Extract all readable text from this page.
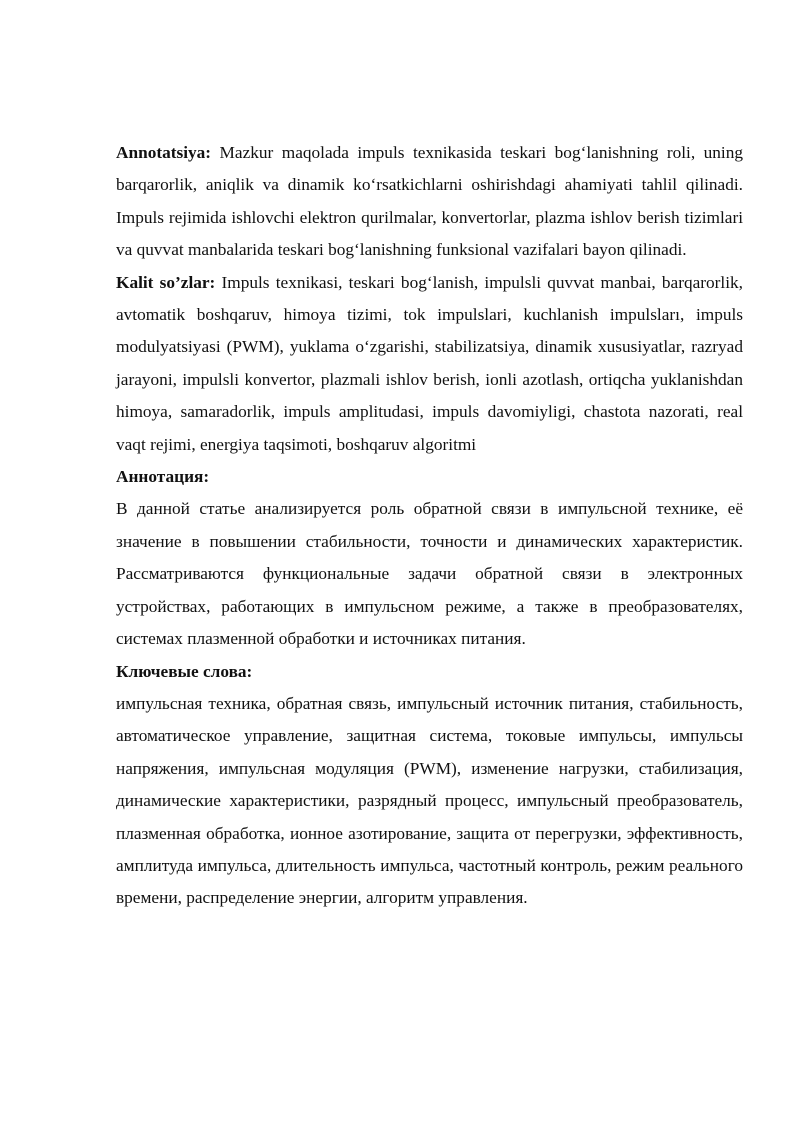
Annotatsiya: Mazkur maqolada impuls texnikasida teskari bog‘lanishning roli, uning barqarorlik, aniqlik va dinamik ko‘rsatkichlarni oshirishdagi ahamiyati tahlil qilinadi. Impuls rejimida ishlovchi elektron qurilmalar, konvertorlar, plazma ishlov berish tizimlari va quvvat manbalarida teskari bog‘lanishning funksional vazifalari bayon qilinadi.

Kalit so’zlar: Impuls texnikasi, teskari bog‘lanish, impulsli quvvat manbai, barqarorlik, avtomatik boshqaruv, himoya tizimi, tok impulslari, kuchlanish impulsları, impuls modulyatsiyasi (PWM), yuklama o‘zgarishi, stabilizatsiya, dinamik xususiyatlar, razryad jarayoni, impulsli konvertor, plazmali ishlov berish, ionli azotlash, ortiqcha yuklanishdan himoya, samaradorlik, impuls amplitudasi, impuls davomiyligi, chastota nazorati, real vaqt rejimi, energiya taqsimoti, boshqaruv algoritmi

Аннотация:

В данной статье анализируется роль обратной связи в импульсной технике, её значение в повышении стабильности, точности и динамических характеристик. Рассматриваются функциональные задачи обратной связи в электронных устройствах, работающих в импульсном режиме, а также в преобразователях, системах плазменной обработки и источниках питания.

Ключевые слова:

импульсная техника, обратная связь, импульсный источник питания, стабильность, автоматическое управление, защитная система, токовые импульсы, импульсы напряжения, импульсная модуляция (PWM), изменение нагрузки, стабилизация, динамические характеристики, разрядный процесс, импульсный преобразователь, плазменная обработка, ионное азотирование, защита от перегрузки, эффективность, амплитуда импульса, длительность импульса, частотный контроль, режим реального времени, распределение энергии, алгоритм управления.
